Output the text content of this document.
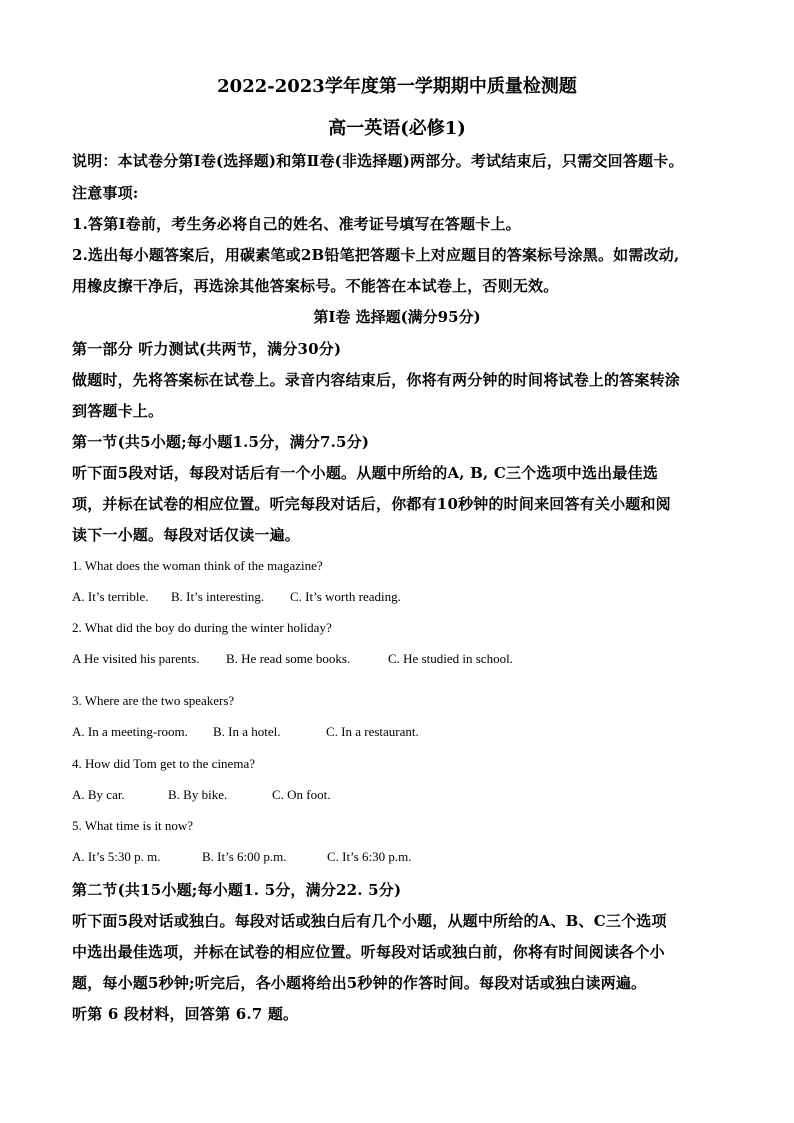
2022-2023学年度第一学期期中质量检测题
高一英语(必修1)
说明：本试卷分第Ⅰ卷(选择题)和第Ⅱ卷(非选择题)两部分。考试结束后，只需交回答题卡。
注意事项:
1.答第Ⅰ卷前，考生务必将自己的姓名、准考证号填写在答题卡上。
2.选出每小题答案后，用碳素笔或2B铅笔把答题卡上对应题目的答案标号涂黑。如需改动,
用橡皮擦干净后，再选涂其他答案标号。不能答在本试卷上，否则无效。
第Ⅰ卷 选择题(满分95分)
第一部分 听力测试(共两节，满分30分)
做题时，先将答案标在试卷上。录音内容结束后，你将有两分钟的时间将试卷上的答案转涂
到答题卡上。
第一节(共5小题;每小题1.5分，满分7.5分)
听下面5段对话，每段对话后有一个小题。从题中所给的A, B, C三个选项中选出最佳选
项，并标在试卷的相应位置。听完每段对话后，你都有10秒钟的时间来回答有关小题和阅
读下一小题。每段对话仅读一遍。
1. What does the woman think of the magazine?
A. It’s terrible. B. It’s interesting. C. It’s worth reading.
2. What did the boy do during the winter holiday?
A He visited his parents. B. He read some books.	C. He studied in school.
3. Where are the two speakers?
A. In a meeting-room. B. In a hotel.	C. In a restaurant.
4. How did Tom get to the cinema?
A. By car.	B. By bike.	C. On foot.
5. What time is it now?
A. It’s 5:30 p. m.	B. It’s 6:00 p.m.	C. It’s 6:30 p.m.
第二节(共15小题;每小题1. 5分，满分22. 5分)
听下面5段对话或独白。每段对话或独白后有几个小题，从题中所给的A、B、C三个选项
中选出最佳选项，并标在试卷的相应位置。听每段对话或独白前，你将有时间阅读各个小
题，每小题5秒钟;听完后，各小题将给出5秒钟的作答时间。每段对话或独白读两遍。
听第 6 段材料，回答第 6.7 题。
